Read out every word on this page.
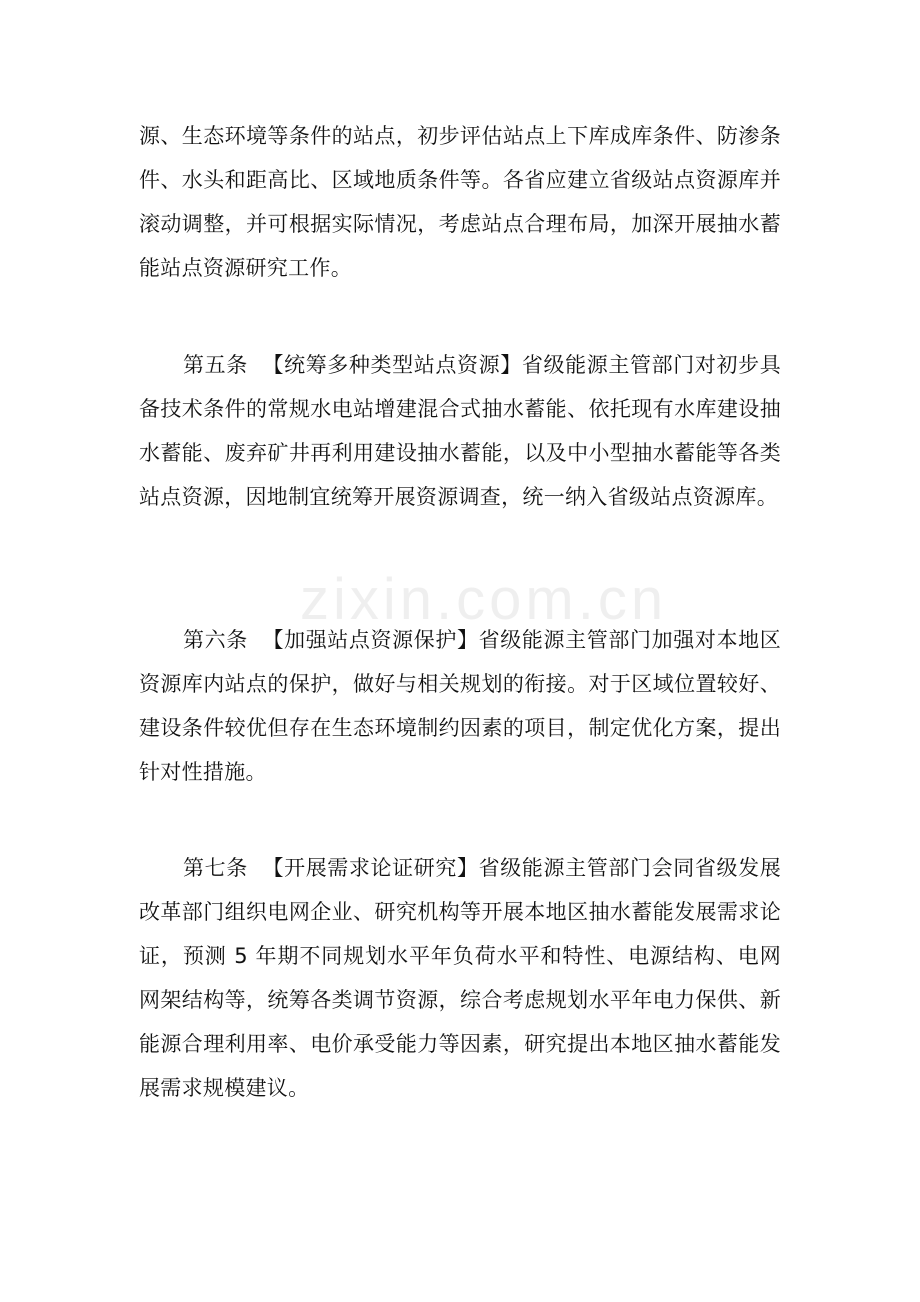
zixin.com.cn

源、生态环境等条件的站点，初步评估站点上下库成库条件、防渗条件、水头和距高比、区域地质条件等。各省应建立省级站点资源库并滚动调整，并可根据实际情况，考虑站点合理布局，加深开展抽水蓄能站点资源研究工作。

第五条 【统筹多种类型站点资源】省级能源主管部门对初步具备技术条件的常规水电站增建混合式抽水蓄能、依托现有水库建设抽水蓄能、废弃矿井再利用建设抽水蓄能，以及中小型抽水蓄能等各类站点资源，因地制宜统筹开展资源调查，统一纳入省级站点资源库。

第六条 【加强站点资源保护】省级能源主管部门加强对本地区资源库内站点的保护，做好与相关规划的衔接。对于区域位置较好、建设条件较优但存在生态环境制约因素的项目，制定优化方案，提出针对性措施。

第七条 【开展需求论证研究】省级能源主管部门会同省级发展改革部门组织电网企业、研究机构等开展本地区抽水蓄能发展需求论证，预测 5 年期不同规划水平年负荷水平和特性、电源结构、电网网架结构等，统筹各类调节资源，综合考虑规划水平年电力保供、新能源合理利用率、电价承受能力等因素，研究提出本地区抽水蓄能发展需求规模建议。
